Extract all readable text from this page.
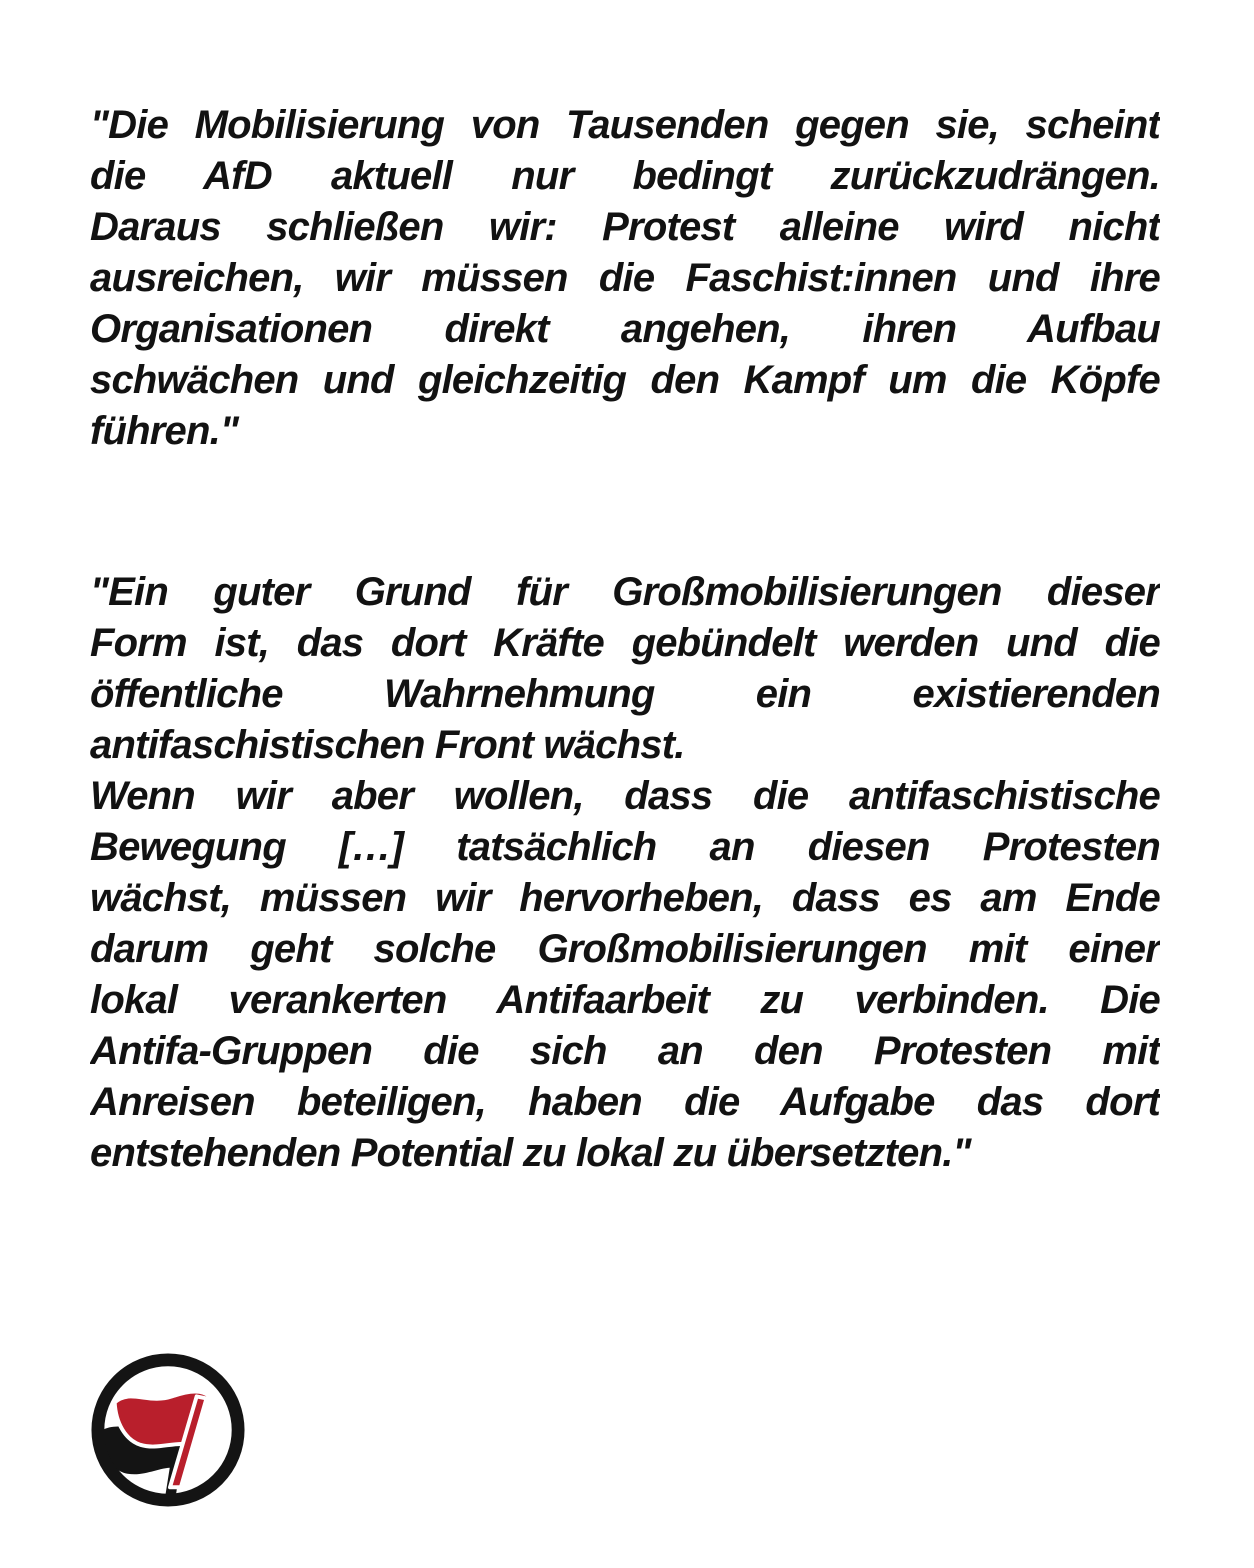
"Die Mobilisierung von Tausenden gegen sie, scheint
die AfD aktuell nur bedingt zurückzudrängen.
Daraus schließen wir: Protest alleine wird nicht
ausreichen, wir müssen die Faschist:innen und ihre
Organisationen direkt angehen, ihren Aufbau
schwächen und gleichzeitig den Kampf um die Köpfe
führen."
"Ein guter Grund für Großmobilisierungen dieser
Form ist, das dort Kräfte gebündelt werden und die
öffentliche Wahrnehmung ein existierenden
antifaschistischen Front wächst.
Wenn wir aber wollen, dass die antifaschistische
Bewegung […] tatsächlich an diesen Protesten
wächst, müssen wir hervorheben, dass es am Ende
darum geht solche Großmobilisierungen mit einer
lokal verankerten Antifaarbeit zu verbinden. Die
Antifa-Gruppen die sich an den Protesten mit
Anreisen beteiligen, haben die Aufgabe das dort
entstehenden Potential zu lokal zu übersetzten."
